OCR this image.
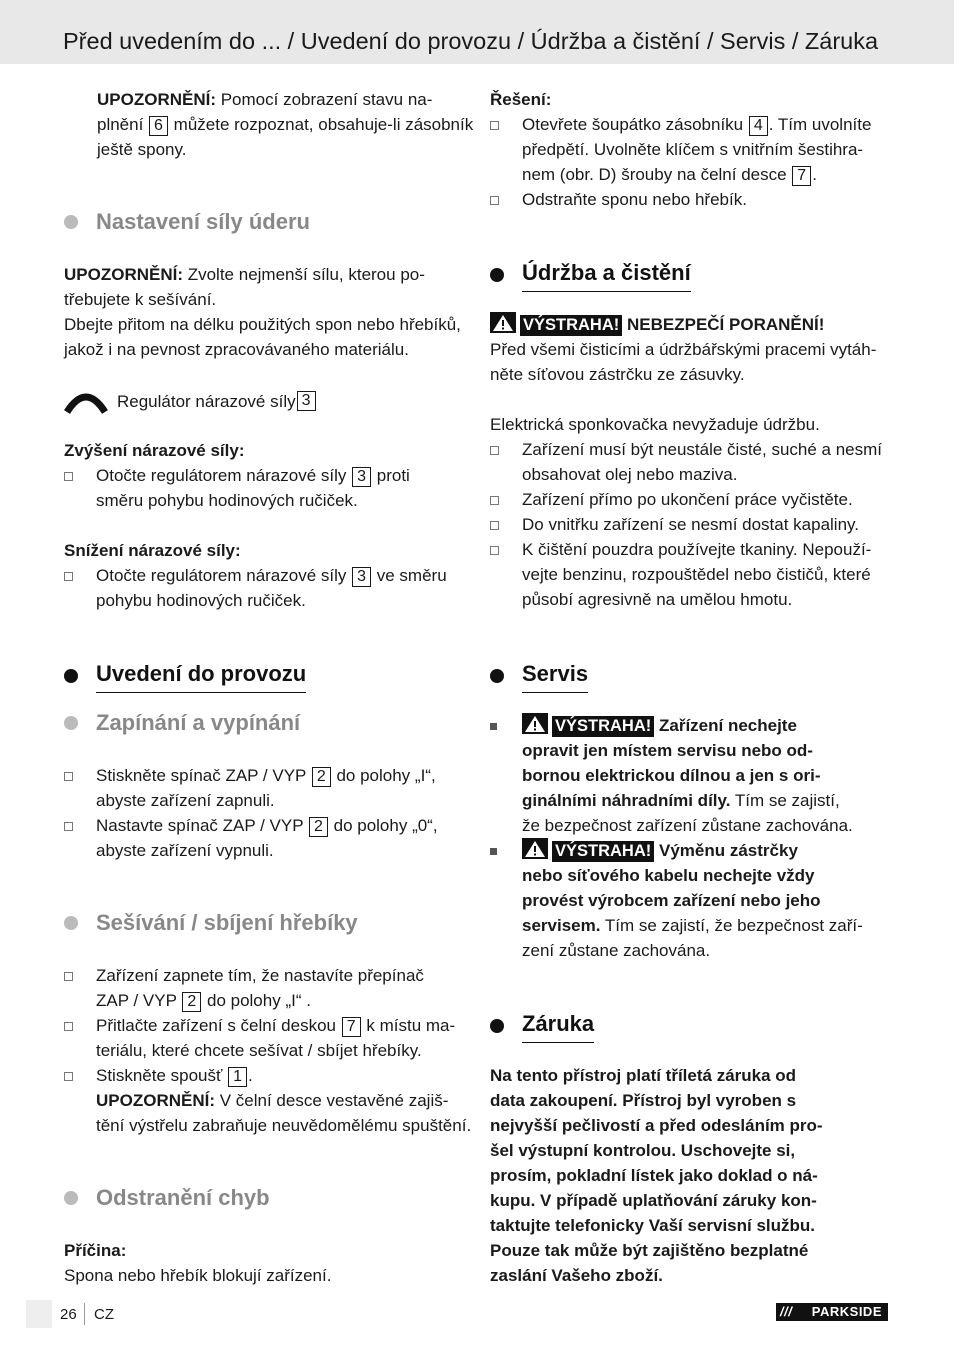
Před uvedením do ... / Uvedení do provozu / Údržba a čistění / Servis / Záruka
UPOZORNĚNÍ: Pomocí zobrazení stavu na-
plnění 6 můžete rozpoznat, obsahuje-li zásobník
ještě spony.
Nastavení síly úderu
UPOZORNĚNÍ: Zvolte nejmenší sílu, kterou po-
třebujete k sešívání.
Dbejte přitom na délku použitých spon nebo hřebíků,
jakož i na pevnost zpracovávaného materiálu.
Regulátor nárazové síly 3
Zvýšení nárazové síly:
Otočte regulátorem nárazové síly 3 proti
směru pohybu hodinových ručiček.
Snížení nárazové síly:
Otočte regulátorem nárazové síly 3 ve směru
pohybu hodinových ručiček.
Uvedení do provozu
Zapínání a vypínání
Stiskněte spínač ZAP / VYP 2 do polohy „I“,
abyste zařízení zapnuli.
Nastavte spínač ZAP / VYP 2 do polohy „0“,
abyste zařízení vypnuli.
Sešívání / sbíjení hřebíky
Zařízení zapnete tím, že nastavíte přepínač
ZAP / VYP 2 do polohy „I“ .
Přitlačte zařízení s čelní deskou 7 k místu ma-
teriálu, které chcete sešívat / sbíjet hřebíky.
Stiskněte spoušť 1 .
UPOZORNĚNÍ: V čelní desce vestavěné zajiš-
tění výstřelu zabraňuje neuvědomělému spuštění.
Odstranění chyb
Příčina:
Spona nebo hřebík blokují zařízení.
Řešení:
Otevřete šoupátko zásobníku 4 . Tím uvolníte
předpětí. Uvolněte klíčem s vnitřním šestihra-
nem (obr. D) šrouby na čelní desce 7 .
Odstraňte sponu nebo hřebík.
Údržba a čistění
VÝSTRAHA! NEBEZPEČÍ PORANĚNÍ!
Před všemi čisticími a údržbářskými pracemi vytáh-
něte síťovou zástrčku ze zásuvky.
Elektrická sponkovačka nevyžaduje údržbu.
Zařízení musí být neustále čisté, suché a nesmí
obsahovat olej nebo maziva.
Zařízení přímo po ukončení práce vyčistěte.
Do vnitřku zařízení se nesmí dostat kapaliny.
K čištění pouzdra používejte tkaniny. Nepouží-
vejte benzinu, rozpouštědel nebo čističů, které
působí agresivně na umělou hmotu.
Servis
VÝSTRAHA! Zařízení nechejte
opravit jen místem servisu nebo od-
bornou elektrickou dílnou a jen s ori-
ginálními náhradními díly. Tím se zajistí,
že bezpečnost zařízení zůstane zachována.
VÝSTRAHA! Výměnu zástrčky
nebo síťového kabelu nechejte vždy
provést výrobcem zařízení nebo jeho
servisem. Tím se zajistí, že bezpečnost zaří-
zení zůstane zachována.
Záruka
Na tento přístroj platí tříletá záruka od
data zakoupení. Přístroj byl vyroben s
nejvyšší pečlivostí a před odesláním pro-
šel výstupní kontrolou. Uschovejte si,
prosím, pokladní lístek jako doklad o ná-
kupu. V případě uplatňování záruky kon-
taktujte telefonicky Vaší servisní službu.
Pouze tak může být zajištěno bezplatné
zaslání Vašeho zboží.
26 CZ	/// PARKSIDE
